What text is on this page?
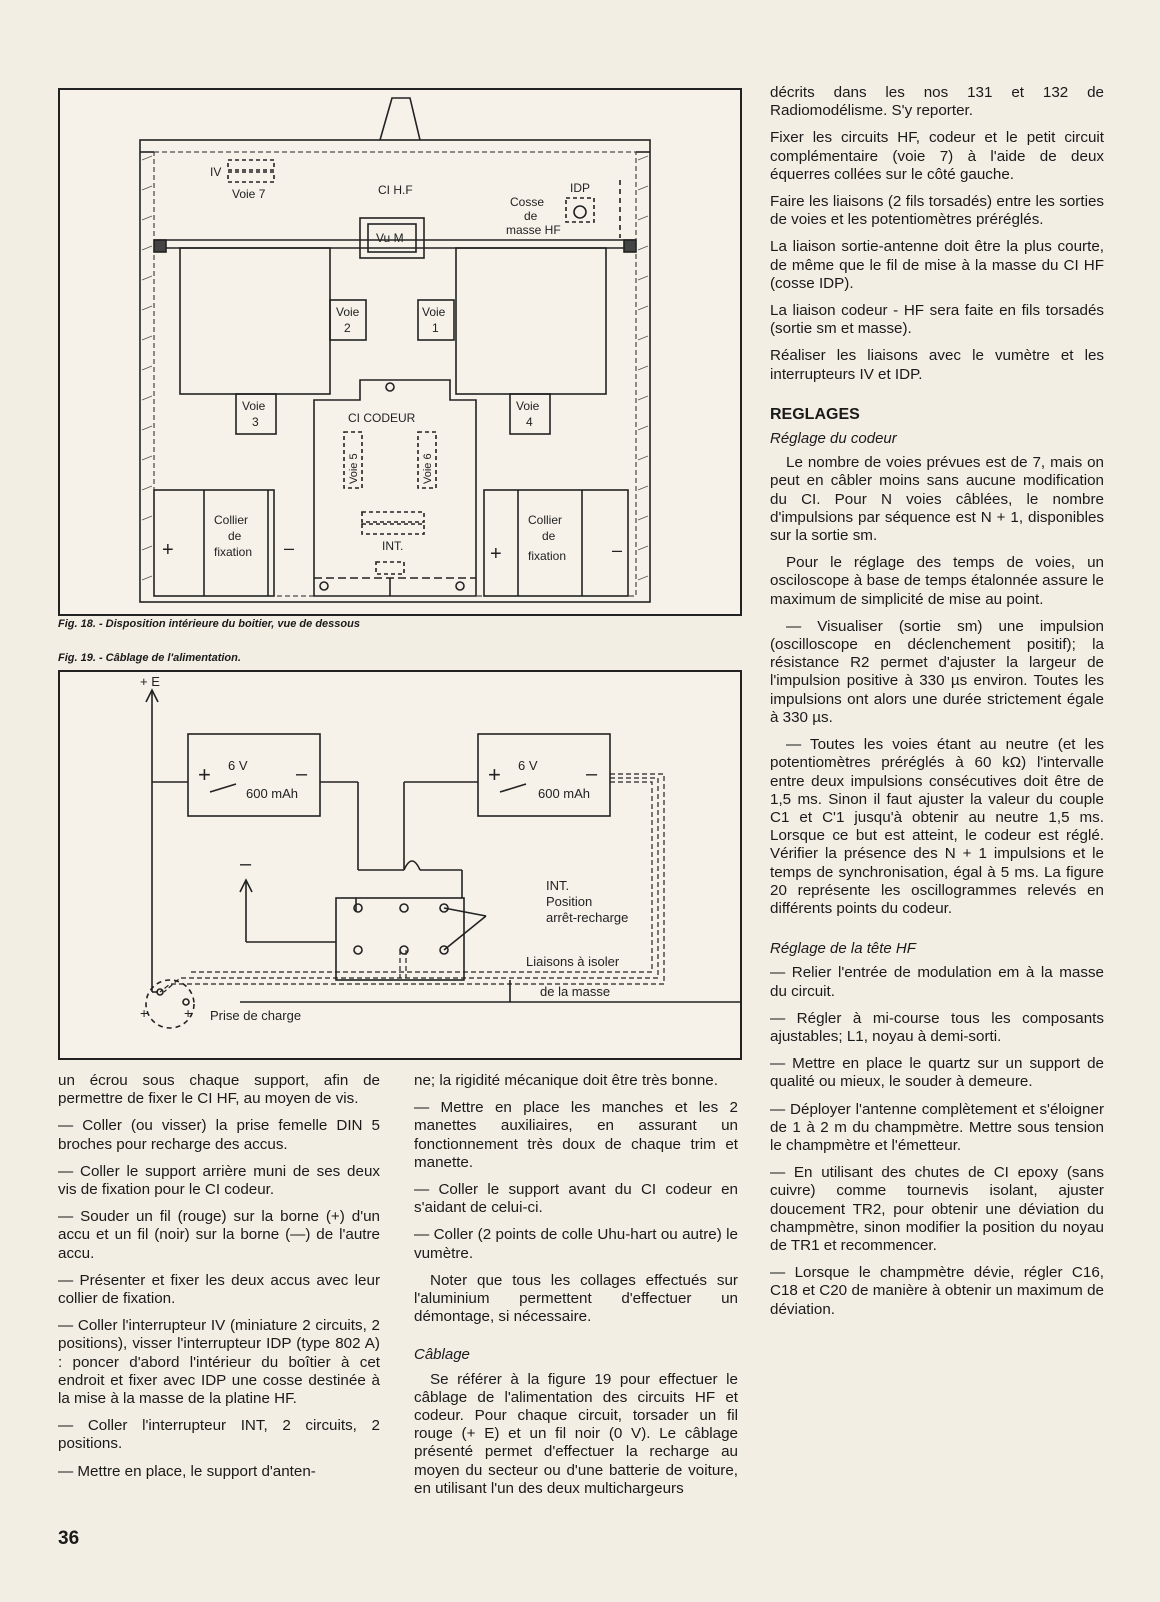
IV
Voie 7	CI H.F	IDP
Cosse
de
masse HF
Vu M
Voie
2
Voie
1
Voie
3
Voie
4
CI CODEUR
Voie 5	Voie 6
INT.
Collier
de
fixation
Collier
de
fixation
+	–	+	–
Fig. 18. - Disposition intérieure du boitier, vue de dessous
Fig. 19. - Câblage de l'alimentation.
+ E
+	–
6 V
600 mAh
+	–
6 V
600 mAh
–
INT.
Position
arrêt-recharge
Liaisons à isoler
de la masse
Prise de charge
+	+

un écrou sous chaque support, afin de permettre de fixer le CI HF, au moyen de vis.

— Coller (ou visser) la prise femelle DIN 5 broches pour recharge des accus.

— Coller le support arrière muni de ses deux vis de fixation pour le CI codeur.

— Souder un fil (rouge) sur la borne (+) d'un accu et un fil (noir) sur la borne (—) de l'autre accu.

— Présenter et fixer les deux accus avec leur collier de fixation.

— Coller l'interrupteur IV (miniature 2 circuits, 2 positions), visser l'interrupteur IDP (type 802 A) : poncer d'abord l'intérieur du boîtier à cet endroit et fixer avec IDP une cosse destinée à la mise à la masse de la platine HF.

— Coller l'interrupteur INT, 2 circuits, 2 positions.

— Mettre en place, le support d'anten-

ne; la rigidité mécanique doit être très bonne.

— Mettre en place les manches et les 2 manettes auxiliaires, en assurant un fonctionnement très doux de chaque trim et manette.

— Coller le support avant du CI codeur en s'aidant de celui-ci.

— Coller (2 points de colle Uhu-hart ou autre) le vumètre.

Noter que tous les collages effectués sur l'aluminium permettent d'effectuer un démontage, si nécessaire.

Câblage

Se référer à la figure 19 pour effectuer le câblage de l'alimentation des circuits HF et codeur. Pour chaque circuit, torsader un fil rouge (+ E) et un fil noir (0 V). Le câblage présenté permet d'effectuer la recharge au moyen du secteur ou d'une batterie de voiture, en utilisant l'un des deux multichargeurs

décrits dans les nos 131 et 132 de Radiomodélisme. S'y reporter.

Fixer les circuits HF, codeur et le petit circuit complémentaire (voie 7) à l'aide de deux équerres collées sur le côté gauche.

Faire les liaisons (2 fils torsadés) entre les sorties de voies et les potentiomètres préréglés.

La liaison sortie-antenne doit être la plus courte, de même que le fil de mise à la masse du CI HF (cosse IDP).

La liaison codeur - HF sera faite en fils torsadés (sortie sm et masse).

Réaliser les liaisons avec le vumètre et les interrupteurs IV et IDP.

REGLAGES
Réglage du codeur

Le nombre de voies prévues est de 7, mais on peut en câbler moins sans aucune modification du CI. Pour N voies câblées, le nombre d'impulsions par séquence est N + 1, disponibles sur la sortie sm.

Pour le réglage des temps de voies, un osciloscope à base de temps étalonnée assure le maximum de simplicité de mise au point.

— Visualiser (sortie sm) une impulsion (oscilloscope en déclenchement positif); la résistance R2 permet d'ajuster la largeur de l'impulsion positive à 330 µs environ. Toutes les impulsions ont alors une durée strictement égale à 330 µs.

— Toutes les voies étant au neutre (et les potentiomètres préréglés à 60 kΩ) l'intervalle entre deux impulsions consécutives doit être de 1,5 ms. Sinon il faut ajuster la valeur du couple C1 et C'1 jusqu'à obtenir au neutre 1,5 ms. Lorsque ce but est atteint, le codeur est réglé. Vérifier la présence des N + 1 impulsions et le temps de synchronisation, égal à 5 ms. La figure 20 représente les oscillogrammes relevés en différents points du codeur.

Réglage de la tête HF

— Relier l'entrée de modulation em à la masse du circuit.

— Régler à mi-course tous les composants ajustables; L1, noyau à demi-sorti.

— Mettre en place le quartz sur un support de qualité ou mieux, le souder à demeure.

— Déployer l'antenne complètement et s'éloigner de 1 à 2 m du champmètre. Mettre sous tension le champmètre et l'émetteur.

— En utilisant des chutes de CI epoxy (sans cuivre) comme tournevis isolant, ajuster doucement TR2, pour obtenir une déviation du champmètre, sinon modifier la position du noyau de TR1 et recommencer.

— Lorsque le champmètre dévie, régler C16, C18 et C20 de manière à obtenir un maximum de déviation.

36
